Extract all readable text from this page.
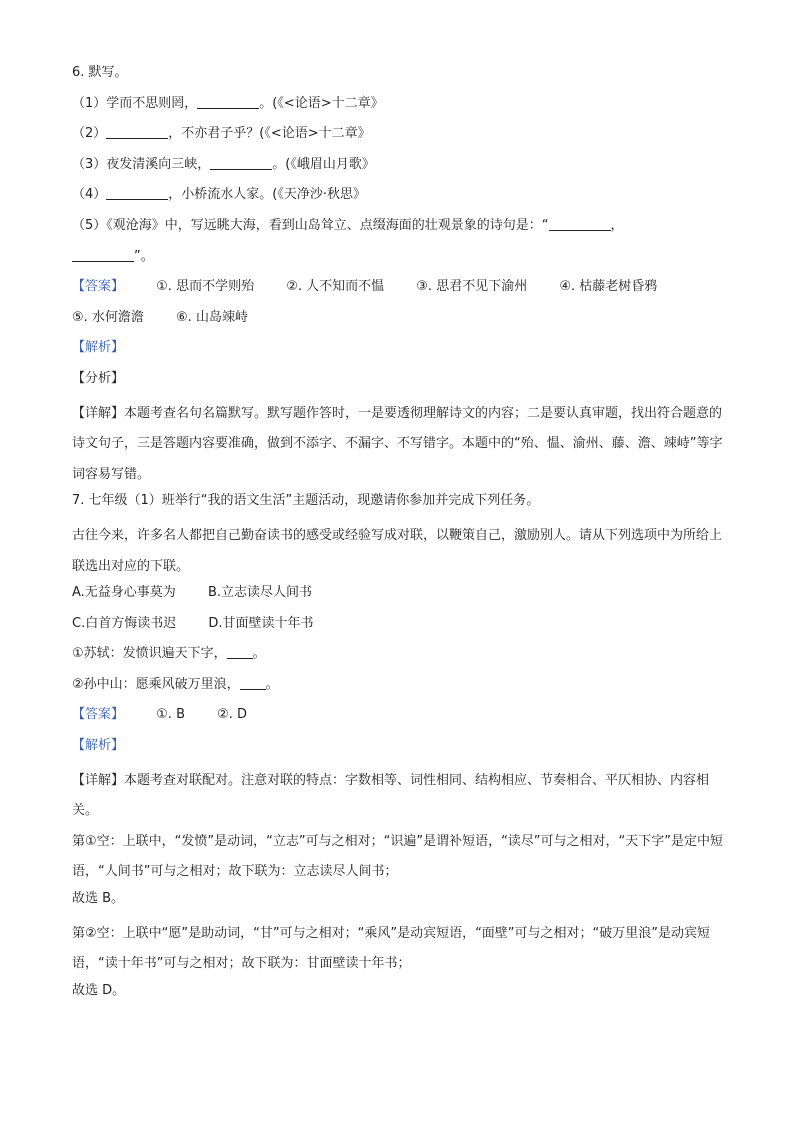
6. 默写。
（1）学而不思则罔，	。(《<论语>十二章》
（2）	，不亦君子乎？(《<论语>十二章》
（3）夜发清溪向三峡，	。(《峨眉山月歌》
（4）	，小桥流水人家。(《天净沙·秋思》
（5）《观沧海》中，写远眺大海，看到山岛耸立、点缀海面的壮观景象的诗句是：“	，
”。
【答案】 ①. 思而不学则殆 ②. 人不知而不愠 ③. 思君不见下渝州 ④. 枯藤老树昏鸦
⑤. 水何澹澹 ⑥. 山岛竦峙
【解析】
【分析】
【详解】本题考查名句名篇默写。默写题作答时，一是要透彻理解诗文的内容；二是要认真审题，找出符合题意的诗文句子，三是答题内容要准确，做到不添字、不漏字、不写错字。本题中的“殆、愠、渝州、藤、澹、竦峙”等字词容易写错。
7. 七年级（1）班举行“我的语文生活”主题活动，现邀请你参加并完成下列任务。
古往今来，许多名人都把自己勤奋读书的感受或经验写成对联，以鞭策自己，激励别人。请从下列选项中为所给上联选出对应的下联。
A.无益身心事莫为 B.立志读尽人间书
C.白首方悔读书迟 D.甘面壁读十年书
①苏轼：发愤识遍天下字， 。
②孙中山：愿乘风破万里浪， 。
【答案】 ①. B ②. D
【解析】
【详解】本题考查对联配对。注意对联的特点：字数相等、词性相同、结构相应、节奏相合、平仄相协、内容相关。
第①空：上联中，“发愤”是动词，“立志”可与之相对；“识遍”是谓补短语，“读尽”可与之相对，“天下字”是定中短语，“人间书”可与之相对；故下联为：立志读尽人间书；
故选 B。
第②空：上联中“愿”是助动词，“甘”可与之相对；“乘风”是动宾短语，“面壁”可与之相对；“破万里浪”是动宾短语，“读十年书”可与之相对；故下联为：甘面壁读十年书；
故选 D。
